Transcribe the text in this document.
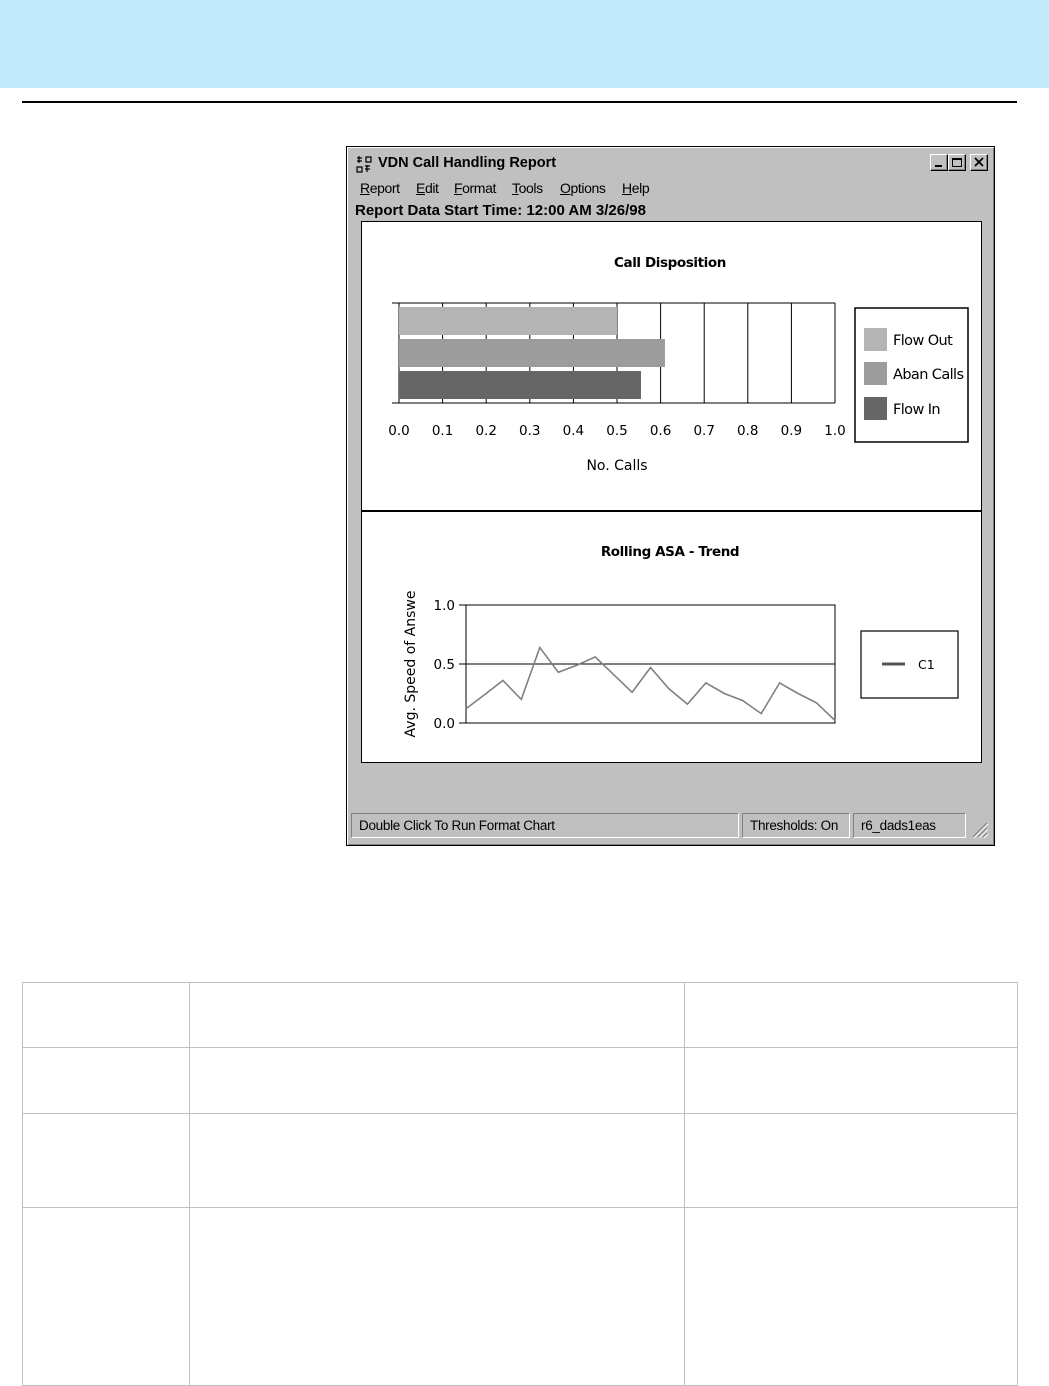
VDN Call Handling Report
Report Edit Format Tools Options Help
Report Data Start Time: 12:00 AM 3/26/98
Call Disposition
0.0 0.1 0.2 0.3 0.4 0.5 0.6 0.7 0.8 0.9 1.0
No. Calls
Flow Out
Aban Calls
Flow In
Rolling ASA - Trend
0.0
0.5
1.0
Avg. Speed of Answe	C1
Double Click To Run Format Chart	Thresholds: On	r6_dads1eas
